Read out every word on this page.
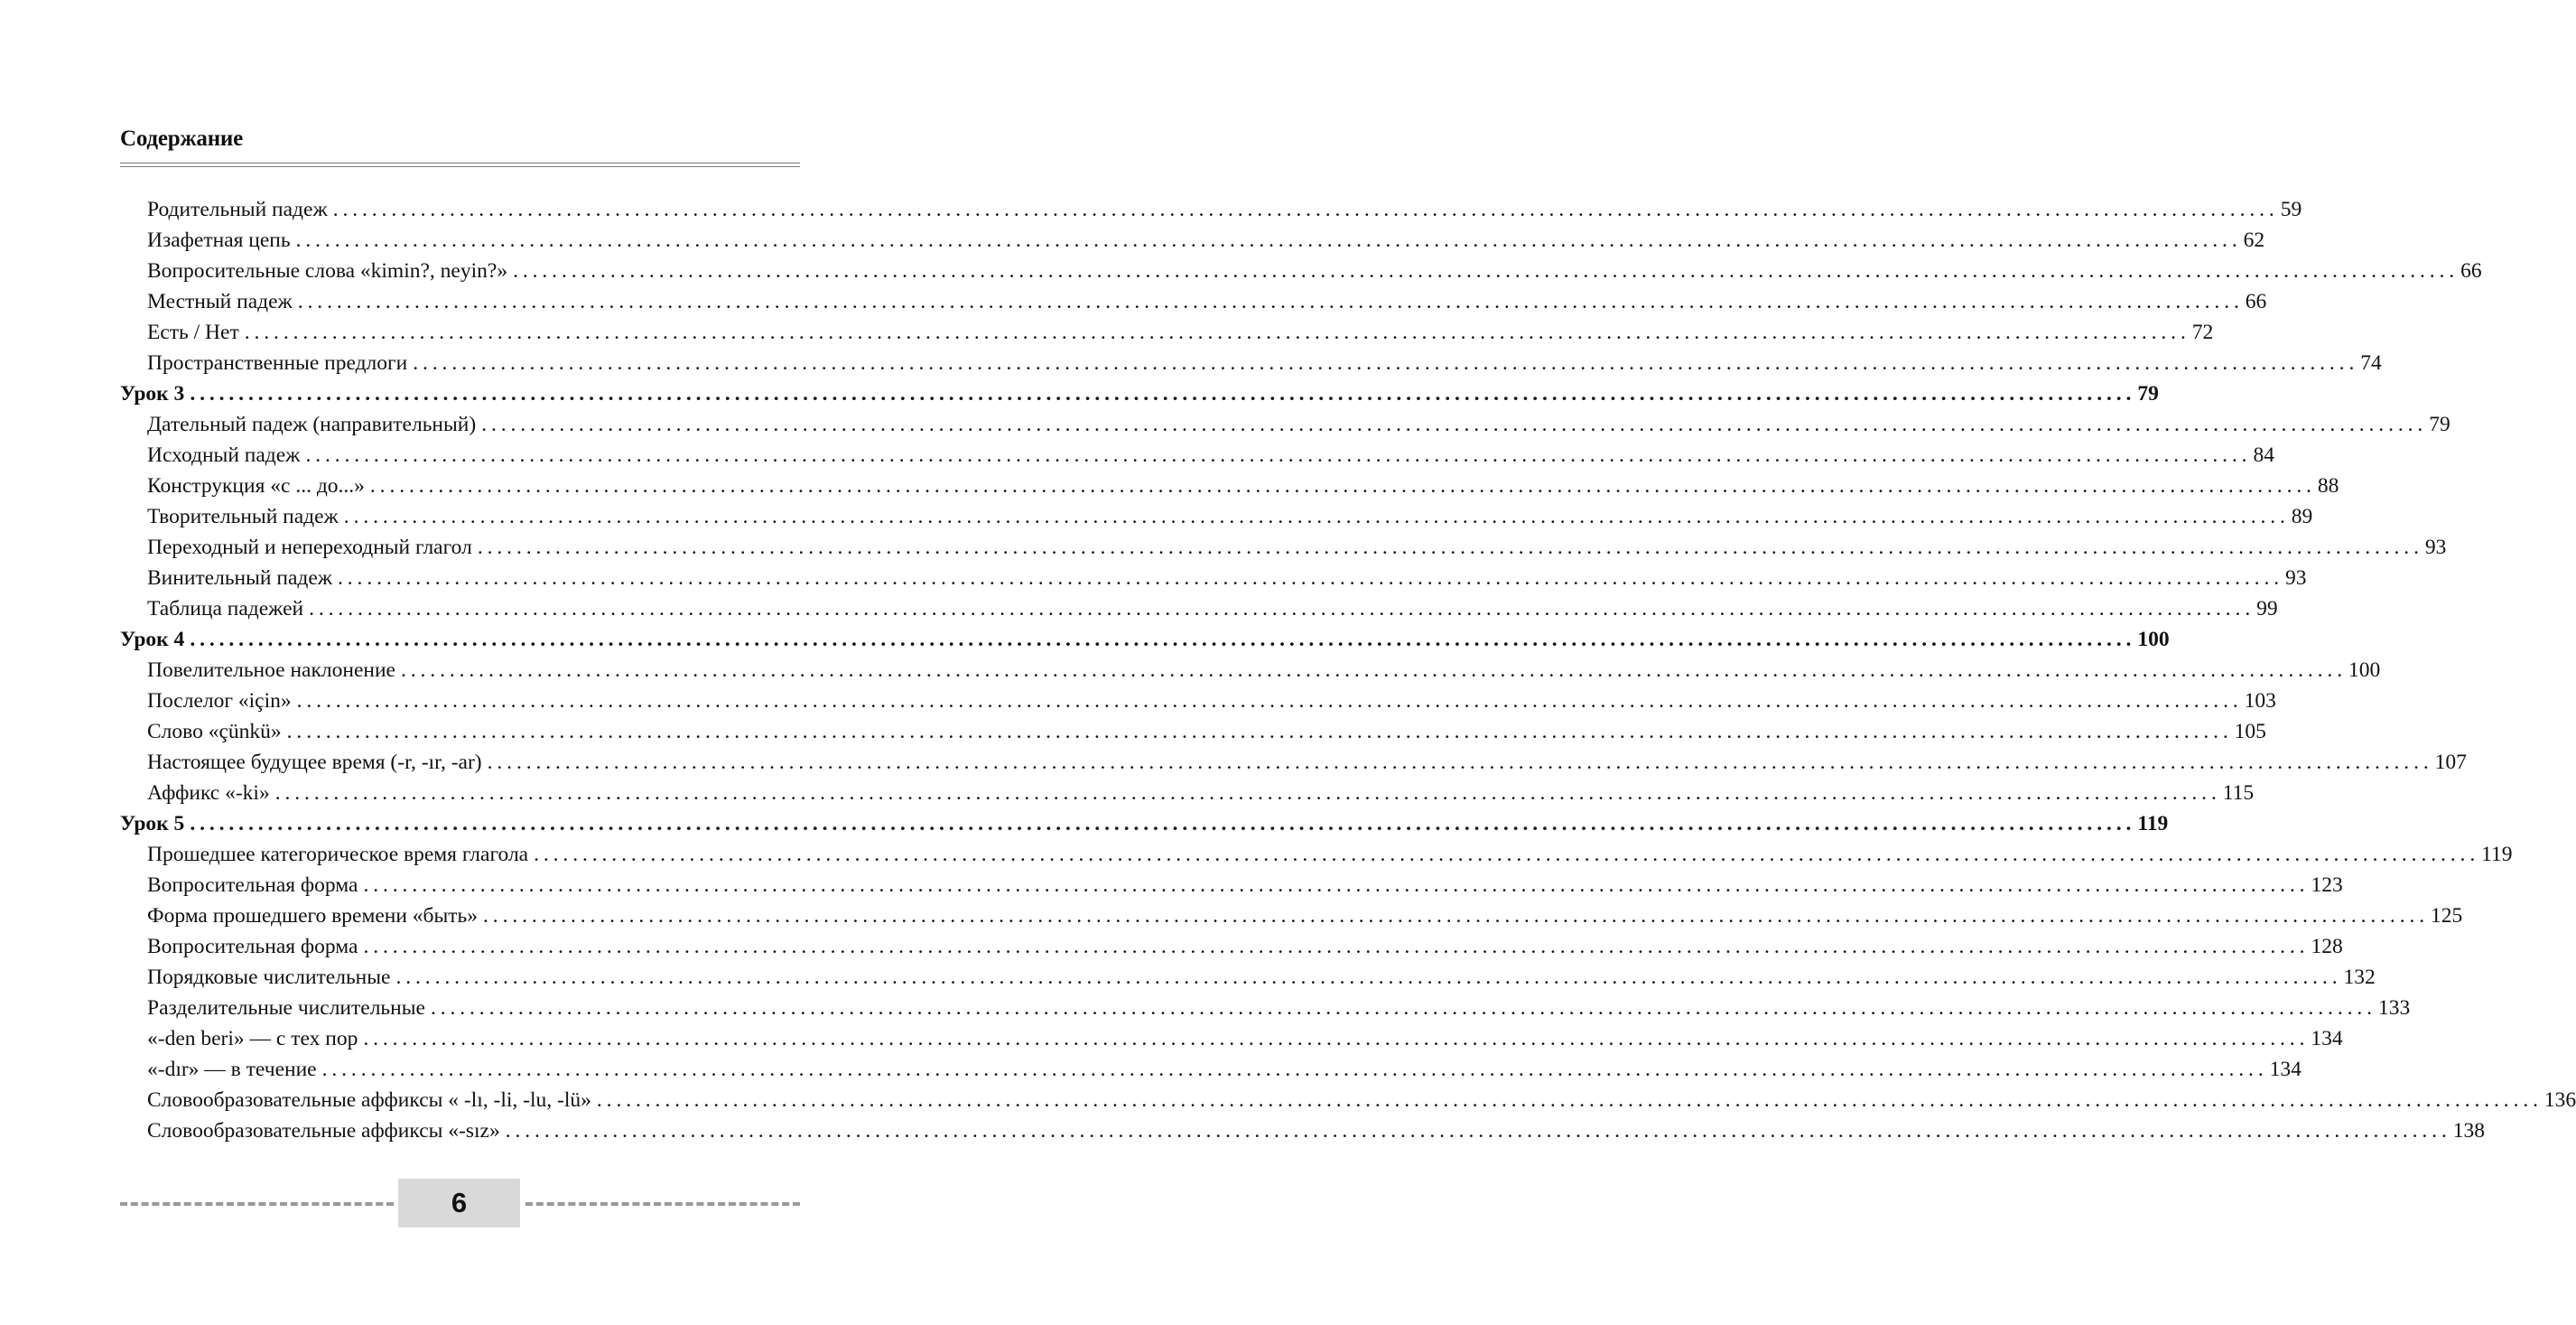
Содержание
Родительный падеж ........................................................................................................................................................................................................ 59
Изафетная цепь ........................................................................................................................................................................................................ 62
Вопросительные слова «kimin?, neyin?» ........................................................................................................................................................................................................ 66
Местный падеж ........................................................................................................................................................................................................ 66
Есть / Нет ........................................................................................................................................................................................................ 72
Пространственные предлоги ........................................................................................................................................................................................................ 74
Урок 3 ........................................................................................................................................................................................................ 79
Дательный падеж (направительный) ........................................................................................................................................................................................................ 79
Исходный падеж ........................................................................................................................................................................................................ 84
Конструкция «с ... до...» ........................................................................................................................................................................................................ 88
Творительный падеж ........................................................................................................................................................................................................ 89
Переходный и непереходный глагол ........................................................................................................................................................................................................ 93
Винительный падеж ........................................................................................................................................................................................................ 93
Таблица падежей ........................................................................................................................................................................................................ 99
Урок 4 ........................................................................................................................................................................................................ 100
Повелительное наклонение ........................................................................................................................................................................................................ 100
Послелог «için» ........................................................................................................................................................................................................ 103
Слово «çünkü» ........................................................................................................................................................................................................ 105
Настоящее будущее время (-r, -ır, -ar) ........................................................................................................................................................................................................ 107
Аффикс «-ki» ........................................................................................................................................................................................................ 115
Урок 5 ........................................................................................................................................................................................................ 119
Прошедшее категорическое время глагола ........................................................................................................................................................................................................ 119
Вопросительная форма ........................................................................................................................................................................................................ 123
Форма прошедшего времени «быть» ........................................................................................................................................................................................................ 125
Вопросительная форма ........................................................................................................................................................................................................ 128
Порядковые числительные ........................................................................................................................................................................................................ 132
Разделительные числительные ........................................................................................................................................................................................................ 133
«-den beri» — с тех пор ........................................................................................................................................................................................................ 134
«-dır» — в течение ........................................................................................................................................................................................................ 134
Словообразовательные аффиксы « -lı, -li, -lu, -lü» ........................................................................................................................................................................................................ 136
Словообразовательные аффиксы «-sız» ........................................................................................................................................................................................................ 138
6
